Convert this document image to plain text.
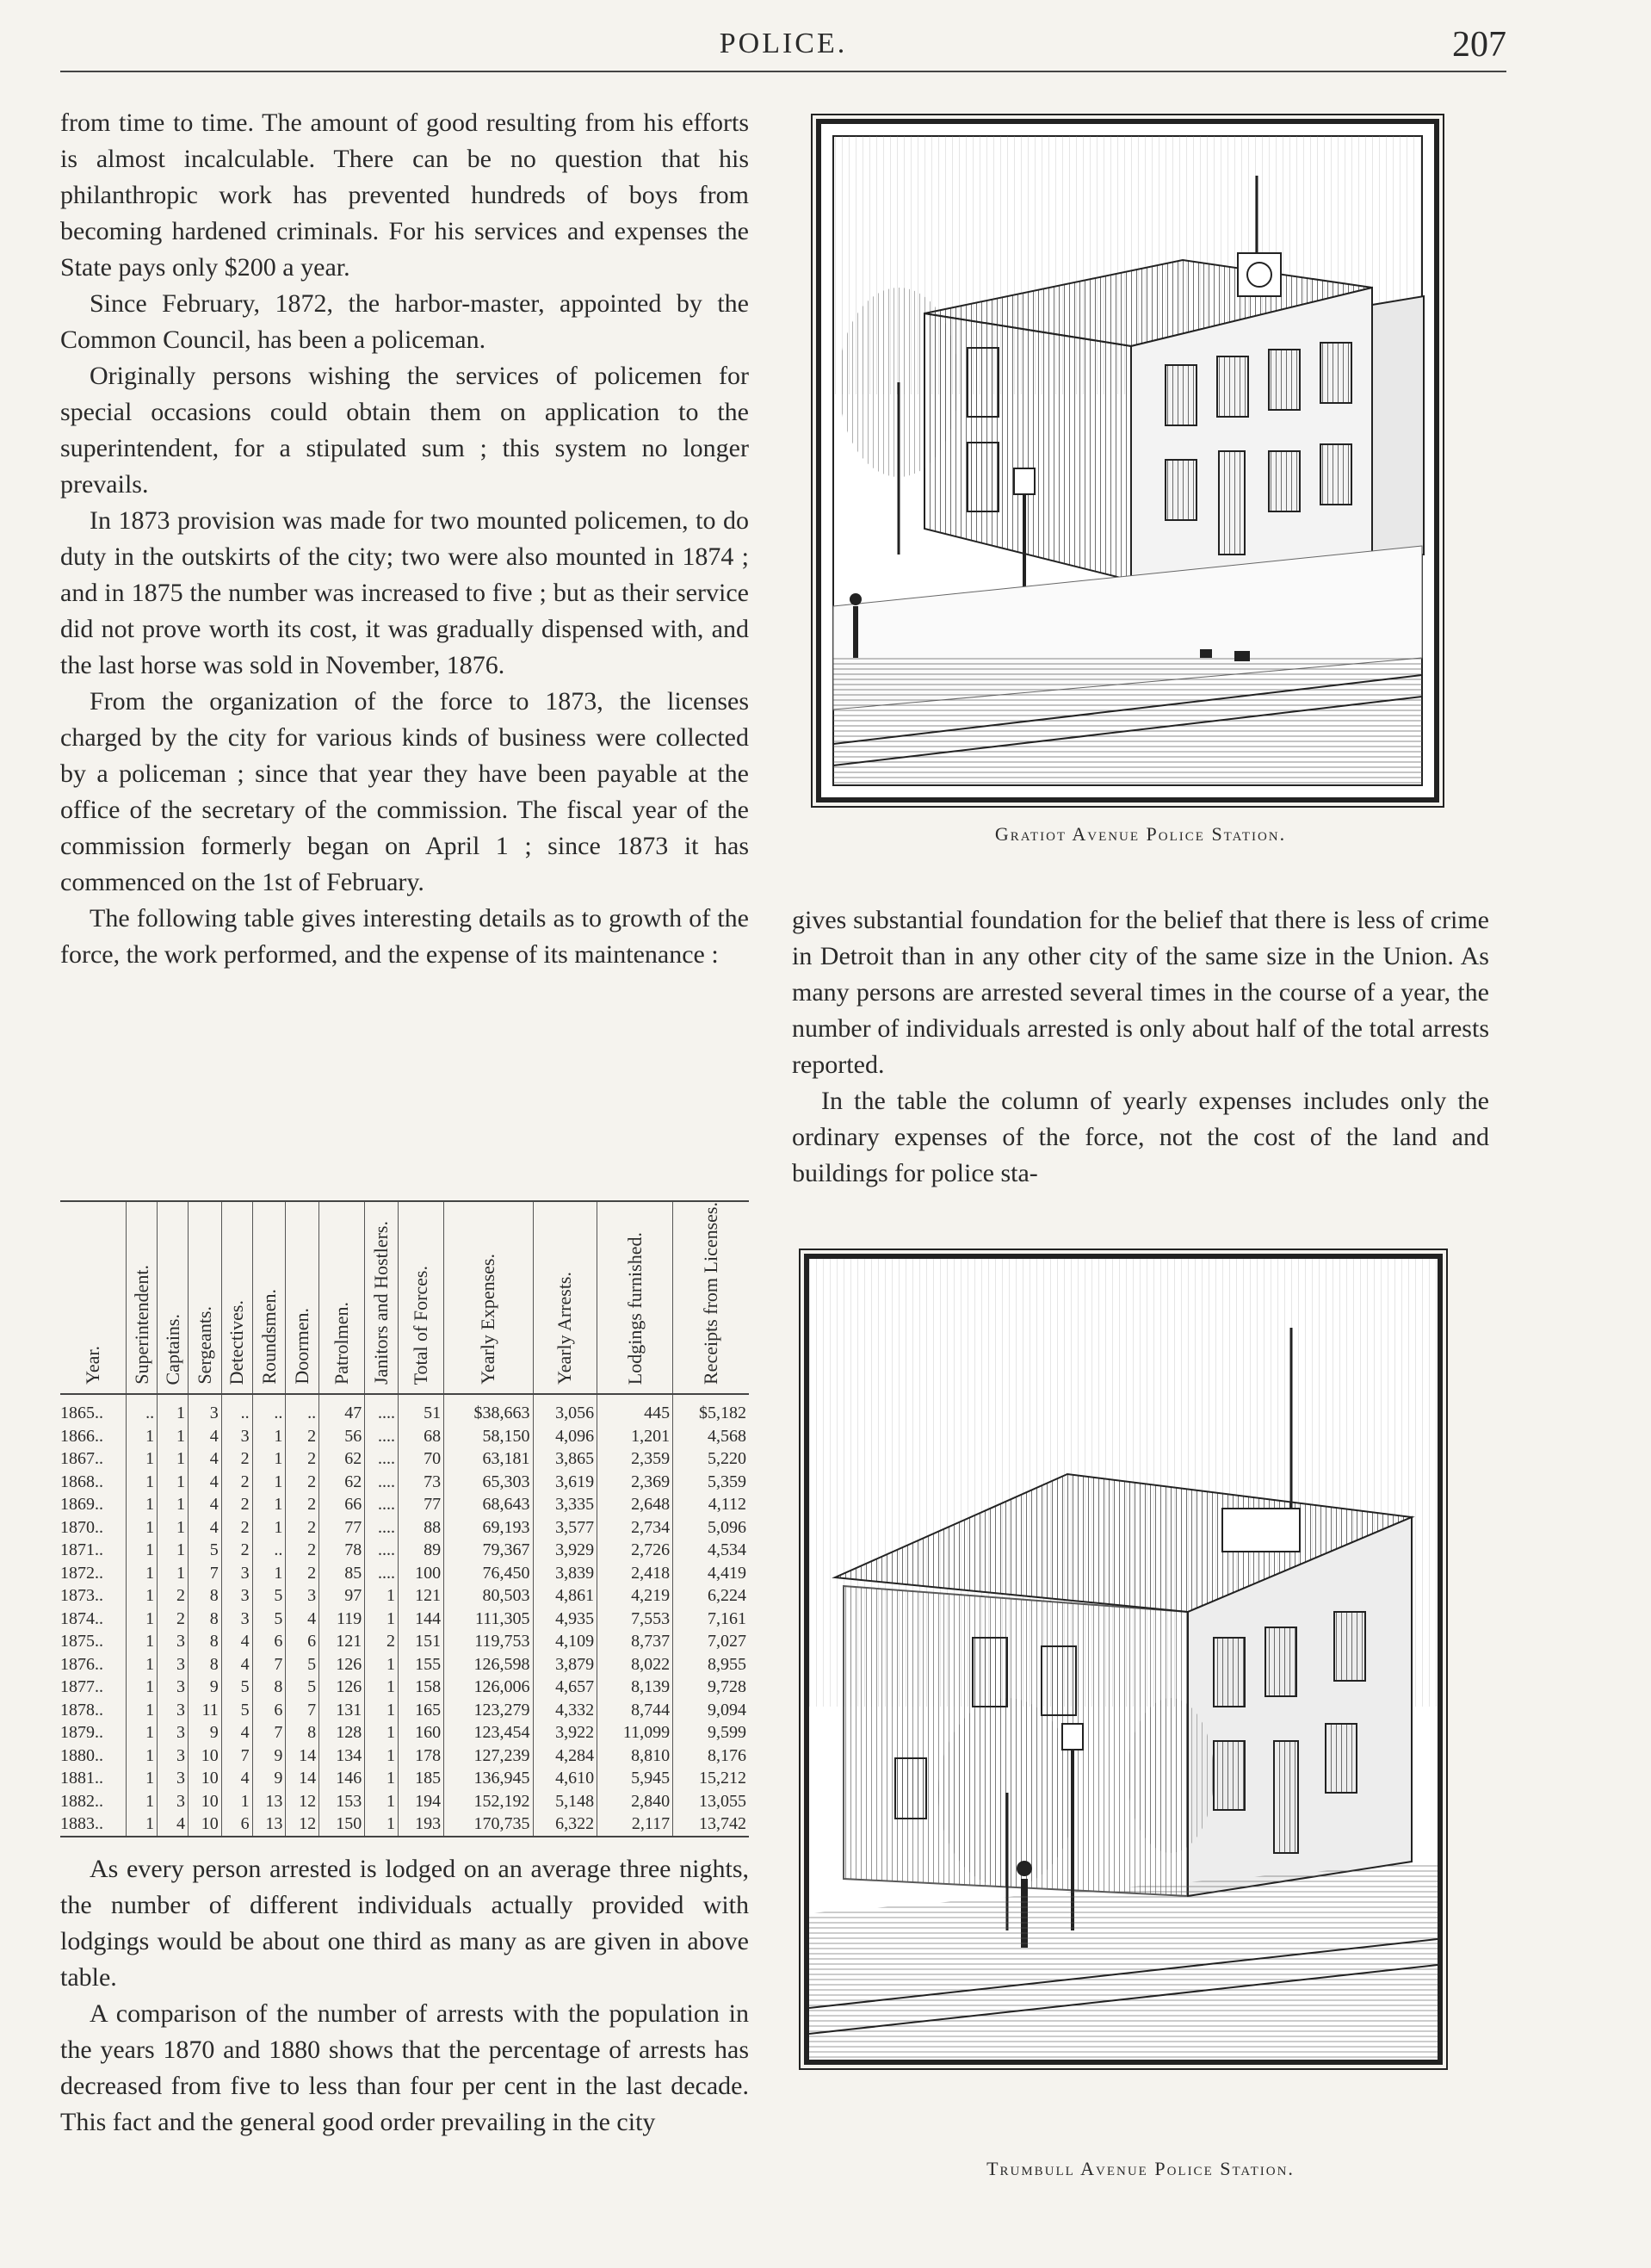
POLICE.	207

from time to time. The amount of good resulting from his efforts is almost incalculable. There can be no question that his philanthropic work has prevented hundreds of boys from becoming hardened criminals. For his services and expenses the State pays only $200 a year.

Since February, 1872, the harbor-master, appointed by the Common Council, has been a policeman.

Originally persons wishing the services of policemen for special occasions could obtain them on application to the superintendent, for a stipulated sum ; this system no longer prevails.

In 1873 provision was made for two mounted policemen, to do duty in the outskirts of the city; two were also mounted in 1874 ; and in 1875 the number was increased to five ; but as their service did not prove worth its cost, it was gradually dispensed with, and the last horse was sold in November, 1876.

From the organization of the force to 1873, the licenses charged by the city for various kinds of business were collected by a policeman ; since that year they have been payable at the office of the secretary of the commission. The fiscal year of the commission formerly began on April 1 ; since 1873 it has commenced on the 1st of February.

The following table gives interesting details as to growth of the force, the work performed, and the expense of its maintenance :

Year.	Superintendent.	Captains.	Sergeants.	Detectives.	Roundsmen.	Doormen.	Patrolmen.	Janitors and Hostlers.	Total of Forces.	Yearly Expenses.	Yearly Arrests.	Lodgings furnished.	Receipts from Licenses.

1865..	..	1	3	..	..	..	47	....	51	$38,663	3,056	445	$5,182
1866..	1	1	4	3	1	2	56	....	68	58,150	4,096	1,201	4,568
1867..	1	1	4	2	1	2	62	....	70	63,181	3,865	2,359	5,220
1868..	1	1	4	2	1	2	62	....	73	65,303	3,619	2,369	5,359
1869..	1	1	4	2	1	2	66	....	77	68,643	3,335	2,648	4,112
1870..	1	1	4	2	1	2	77	....	88	69,193	3,577	2,734	5,096
1871..	1	1	5	2	..	2	78	....	89	79,367	3,929	2,726	4,534
1872..	1	1	7	3	1	2	85	....	100	76,450	3,839	2,418	4,419
1873..	1	2	8	3	5	3	97	1	121	80,503	4,861	4,219	6,224
1874..	1	2	8	3	5	4	119	1	144	111,305	4,935	7,553	7,161
1875..	1	3	8	4	6	6	121	2	151	119,753	4,109	8,737	7,027
1876..	1	3	8	4	7	5	126	1	155	126,598	3,879	8,022	8,955
1877..	1	3	9	5	8	5	126	1	158	126,006	4,657	8,139	9,728
1878..	1	3	11	5	6	7	131	1	165	123,279	4,332	8,744	9,094
1879..	1	3	9	4	7	8	128	1	160	123,454	3,922	11,099	9,599
1880..	1	3	10	7	9	14	134	1	178	127,239	4,284	8,810	8,176
1881..	1	3	10	4	9	14	146	1	185	136,945	4,610	5,945	15,212
1882..	1	3	10	1	13	12	153	1	194	152,192	5,148	2,840	13,055
1883..	1	4	10	6	13	12	150	1	193	170,735	6,322	2,117	13,742

As every person arrested is lodged on an average three nights, the number of different individuals actually provided with lodgings would be about one third as many as are given in above table.

A comparison of the number of arrests with the population in the years 1870 and 1880 shows that the percentage of arrests has decreased from five to less than four per cent in the last decade. This fact and the general good order prevailing in the city

Gratiot Avenue Police Station.

gives substantial foundation for the belief that there is less of crime in Detroit than in any other city of the same size in the Union. As many persons are arrested several times in the course of a year, the number of individuals arrested is only about half of the total arrests reported.

In the table the column of yearly expenses includes only the ordinary expenses of the force, not the cost of the land and buildings for police sta-

Trumbull Avenue Police Station.
